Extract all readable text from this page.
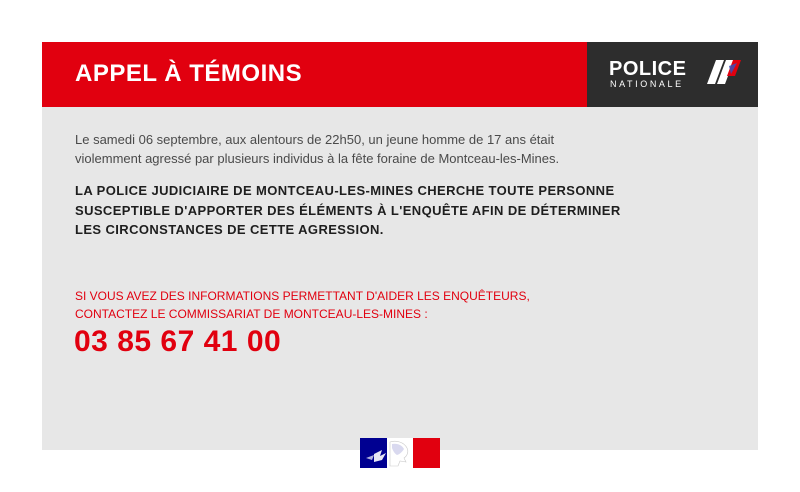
APPEL À TÉMOINS	POLICE
NATIONALE
Le samedi 06 septembre, aux alentours de 22h50, un jeune homme de 17 ans était
violemment agressé par plusieurs individus à la fête foraine de Montceau-les-Mines.
LA POLICE JUDICIAIRE DE MONTCEAU-LES-MINES CHERCHE TOUTE PERSONNE
SUSCEPTIBLE D'APPORTER DES ÉLÉMENTS À L'ENQUÊTE AFIN DE DÉTERMINER
LES CIRCONSTANCES DE CETTE AGRESSION.
SI VOUS AVEZ DES INFORMATIONS PERMETTANT D'AIDER LES ENQUÊTEURS,
CONTACTEZ LE COMMISSARIAT DE MONTCEAU-LES-MINES :
03 85 67 41 00
